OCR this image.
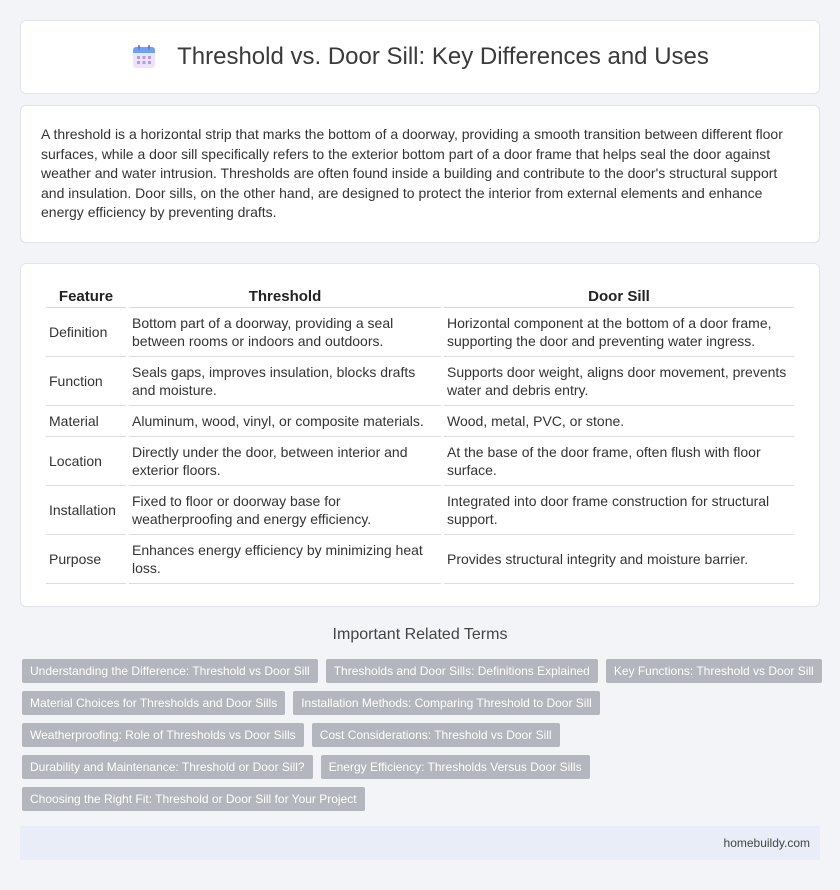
Threshold vs. Door Sill: Key Differences and Uses

A threshold is a horizontal strip that marks the bottom of a doorway, providing a smooth transition between different floor surfaces, while a door sill specifically refers to the exterior bottom part of a door frame that helps seal the door against weather and water intrusion. Thresholds are often found inside a building and contribute to the door's structural support and insulation. Door sills, on the other hand, are designed to protect the interior from external elements and enhance energy efficiency by preventing drafts.

Feature	Threshold	Door Sill
Definition	Bottom part of a doorway, providing a seal between rooms or indoors and outdoors.	Horizontal component at the bottom of a door frame, supporting the door and preventing water ingress.
Function	Seals gaps, improves insulation, blocks drafts and moisture.	Supports door weight, aligns door movement, prevents water and debris entry.
Material	Aluminum, wood, vinyl, or composite materials.	Wood, metal, PVC, or stone.
Location	Directly under the door, between interior and exterior floors.	At the base of the door frame, often flush with floor surface.
Installation	Fixed to floor or doorway base for weatherproofing and energy efficiency.	Integrated into door frame construction for structural support.
Purpose	Enhances energy efficiency by minimizing heat loss.	Provides structural integrity and moisture barrier.
Important Related Terms
Understanding the Difference: Threshold vs Door Sill	Thresholds and Door Sills: Definitions Explained	Key Functions: Threshold vs Door Sill
Material Choices for Thresholds and Door Sills	Installation Methods: Comparing Threshold to Door Sill
Weatherproofing: Role of Thresholds vs Door Sills	Cost Considerations: Threshold vs Door Sill
Durability and Maintenance: Threshold or Door Sill?	Energy Efficiency: Thresholds Versus Door Sills
Choosing the Right Fit: Threshold or Door Sill for Your Project
homebuildy.com
